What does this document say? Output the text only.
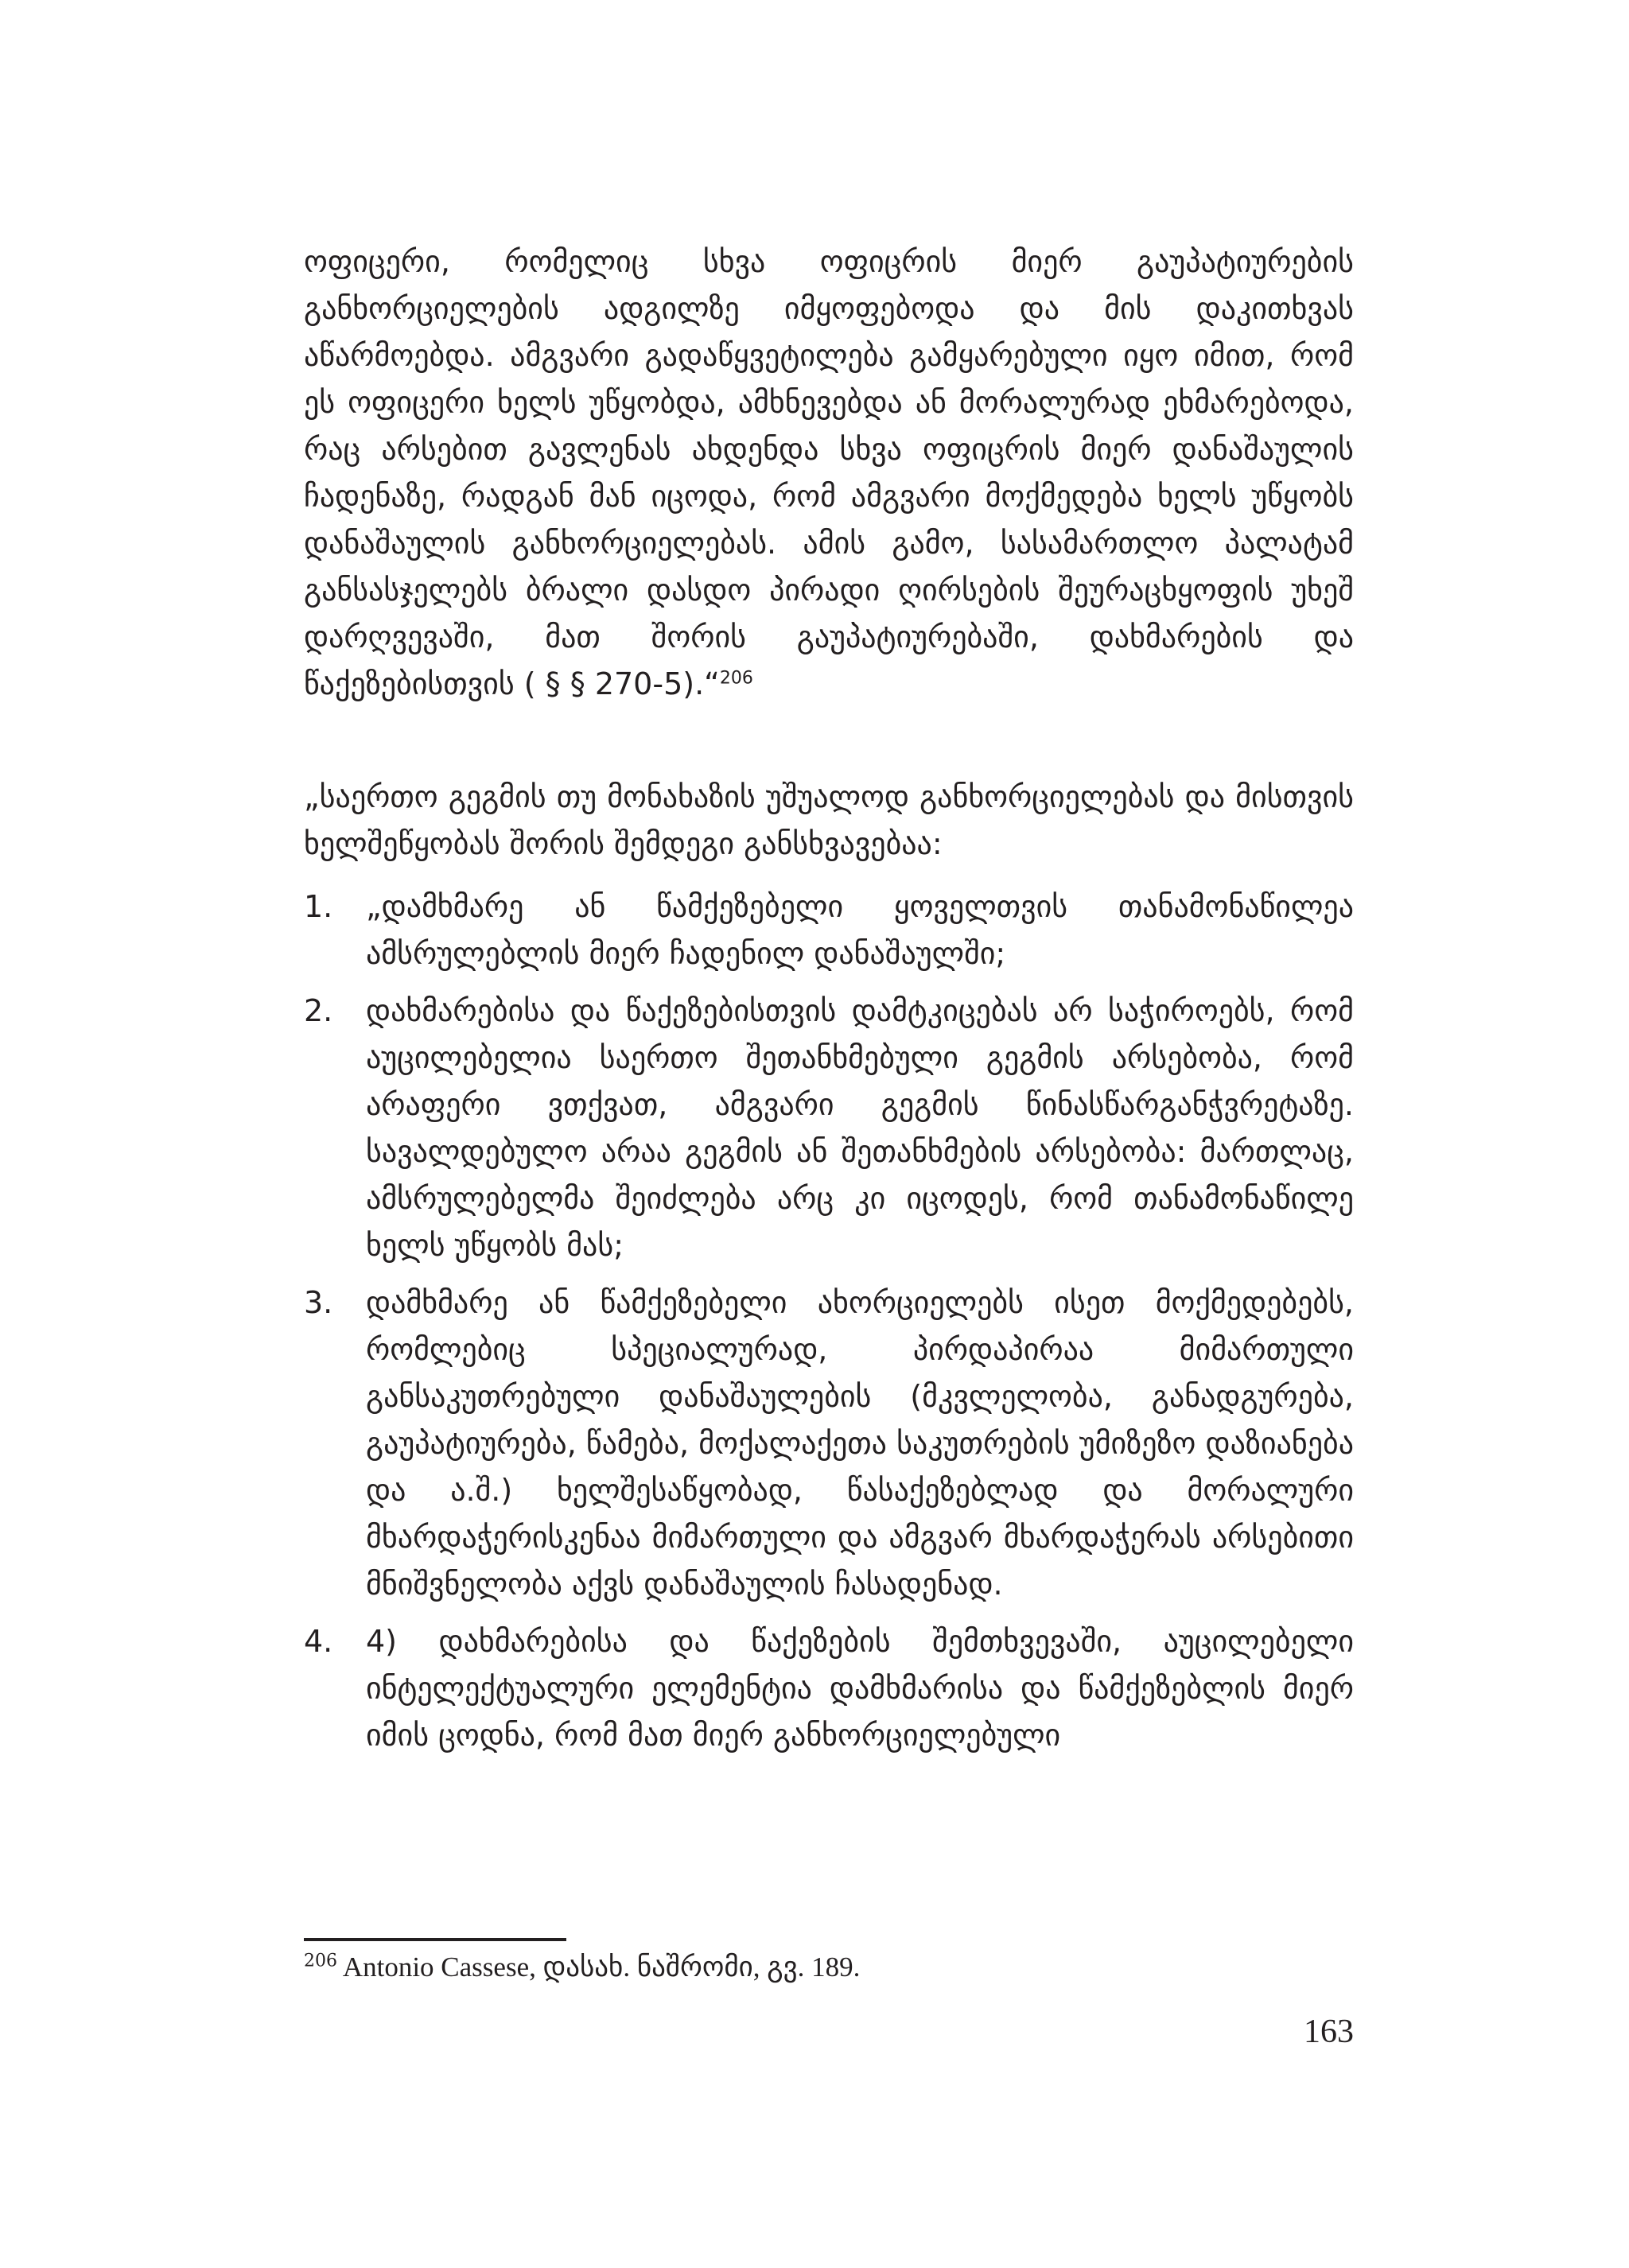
ოფიცერი, რომელიც სხვა ოფიცრის მიერ გაუპატიურების განხორციელების ადგილზე იმყოფებოდა და მის დაკითხვას აწარმოებდა. ამგვარი გადაწყვეტილება გამყარებული იყო იმით, რომ ეს ოფიცერი ხელს უწყობდა, ამხნევებდა ან მორალურად ეხმარებოდა, რაც არსებით გავლენას ახდენდა სხვა ოფიცრის მიერ დანაშაულის ჩადენაზე, რადგან მან იცოდა, რომ ამგვარი მოქმედება ხელს უწყობს დანაშაულის განხორციელებას. ამის გამო, სასამართლო პალატამ განსასჯელებს ბრალი დასდო პირადი ღირსების შეურაცხყოფის უხეშ დარღვევაში, მათ შორის გაუპატიურებაში, დახმარების და წაქეზებისთვის ( § § 270-5).“$^{206}$

„საერთო გეგმის თუ მონახაზის უშუალოდ განხორციელებას და მისთვის ხელშეწყობას შორის შემდეგი განსხვავებაა:

1. „დამხმარე ან წამქეზებელი ყოველთვის თანამონაწილეა ამსრულებლის მიერ ჩადენილ დანაშაულში;
2. დახმარებისა და წაქეზებისთვის დამტკიცებას არ საჭიროებს, რომ აუცილებელია საერთო შეთანხმებული გეგმის არსებობა, რომ არაფერი ვთქვათ, ამგვარი გეგმის წინასწარგანჭვრეტაზე. სავალდებულო არაა გეგმის ან შეთანხმების არსებობა: მართლაც, ამსრულებელმა შეიძლება არც კი იცოდეს, რომ თანამონაწილე ხელს უწყობს მას;
3. დამხმარე ან წამქეზებელი ახორციელებს ისეთ მოქმედებებს, რომლებიც სპეციალურად, პირდაპირაა მიმართული განსაკუთრებული დანაშაულების (მკვლელობა, განადგურება, გაუპატიურება, წამება, მოქალაქეთა საკუთრების უმიზეზო დაზიანება და ა.შ.) ხელშესაწყობად, წასაქეზებლად და მორალური მხარდაჭერისკენაა მიმართული და ამგვარ მხარდაჭერას არსებითი მნიშვნელობა აქვს დანაშაულის ჩასადენად.
4. 4) დახმარებისა და წაქეზების შემთხვევაში, აუცილებელი ინტელექტუალური ელემენტია დამხმარისა და წამქეზებლის მიერ იმის ცოდნა, რომ მათ მიერ განხორციელებული
$^{206}$ Antonio Cassese, დასახ. ნაშრომი, გვ. 189.
163
